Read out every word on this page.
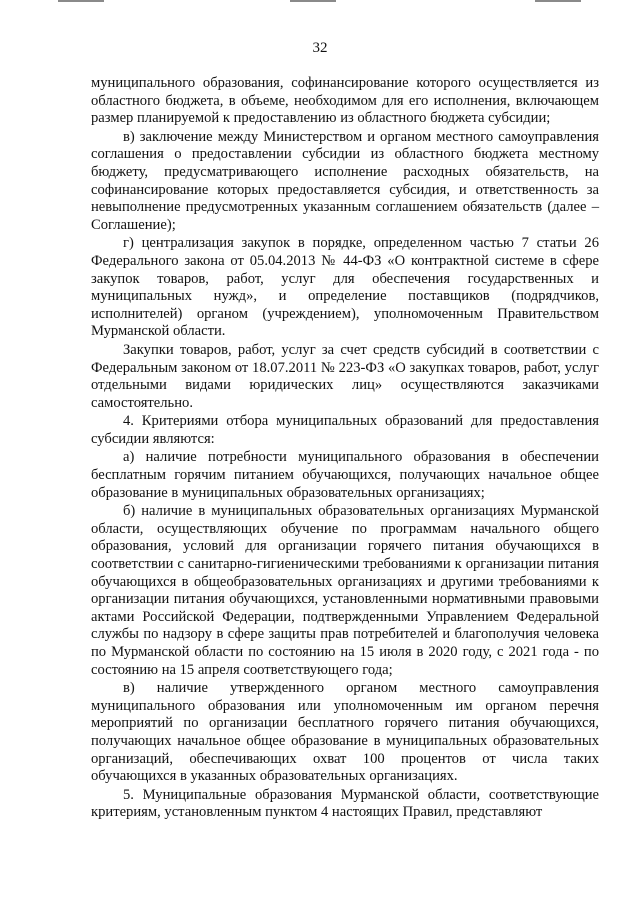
32

муниципального образования, софинансирование которого осуществляется из областного бюджета, в объеме, необходимом для его исполнения, включающем размер планируемой к предоставлению из областного бюджета субсидии;

в) заключение между Министерством и органом местного самоуправления соглашения о предоставлении субсидии из областного бюджета местному бюджету, предусматривающего исполнение расходных обязательств, на софинансирование которых предоставляется субсидия, и ответственность за невыполнение предусмотренных указанным соглашением обязательств (далее – Соглашение);

г) централизация закупок в порядке, определенном частью 7 статьи 26 Федерального закона от 05.04.2013 № 44-ФЗ «О контрактной системе в сфере закупок товаров, работ, услуг для обеспечения государственных и муниципальных нужд», и определение поставщиков (подрядчиков, исполнителей) органом (учреждением), уполномоченным Правительством Мурманской области.

Закупки товаров, работ, услуг за счет средств субсидий в соответствии с Федеральным законом от 18.07.2011 № 223-ФЗ «О закупках товаров, работ, услуг отдельными видами юридических лиц» осуществляются заказчиками самостоятельно.

4. Критериями отбора муниципальных образований для предоставления субсидии являются:

а) наличие потребности муниципального образования в обеспечении бесплатным горячим питанием обучающихся, получающих начальное общее образование в муниципальных образовательных организациях;

б) наличие в муниципальных образовательных организациях Мурманской области, осуществляющих обучение по программам начального общего образования, условий для организации горячего питания обучающихся в соответствии с санитарно-гигиеническими требованиями к организации питания обучающихся в общеобразовательных организациях и другими требованиями к организации питания обучающихся, установленными нормативными правовыми актами Российской Федерации, подтвержденными Управлением Федеральной службы по надзору в сфере защиты прав потребителей и благополучия человека по Мурманской области по состоянию на 15 июля в 2020 году, с 2021 года - по состоянию на 15 апреля соответствующего года;

в) наличие утвержденного органом местного самоуправления муниципального образования или уполномоченным им органом перечня мероприятий по организации бесплатного горячего питания обучающихся, получающих начальное общее образование в муниципальных образовательных организаций, обеспечивающих охват 100 процентов от числа таких обучающихся в указанных образовательных организациях.

5. Муниципальные образования Мурманской области, соответствующие критериям, установленным пунктом 4 настоящих Правил, представляют
